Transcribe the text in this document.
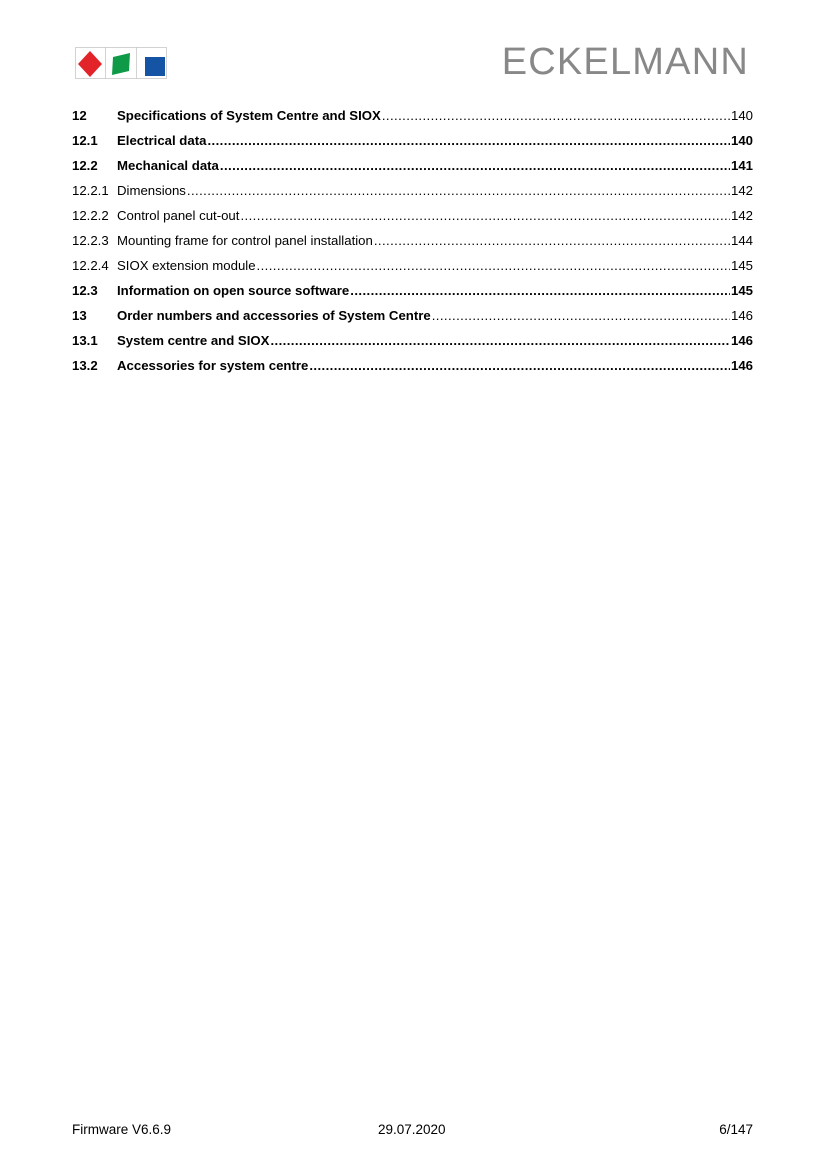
ECKELMANN
12	Specifications of System Centre and SIOX .....	140
12.1	Electrical data .....	140
12.2	Mechanical data .....	141
12.2.1 Dimensions .....	142
12.2.2 Control panel cut-out .....	142
12.2.3 Mounting frame for control panel installation .....	144
12.2.4 SIOX extension module .....	145
12.3	Information on open source software .....	145
13	Order numbers and accessories of System Centre .....	146
13.1	System centre and SIOX .....	146
13.2	Accessories for system centre .....	146
Firmware V6.6.9	29.07.2020	6/147
